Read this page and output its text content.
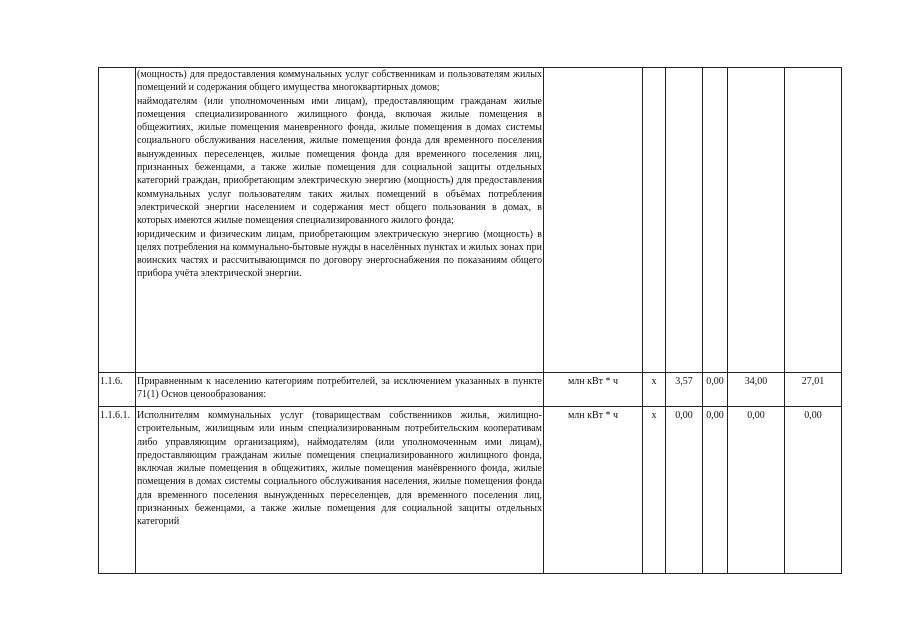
	(мощность) для предоставления коммунальных услуг собственникам и пользователям жилых помещений и содержания общего имущества многоквартирных домов;

наймодателям (или уполномоченным ими лицам), предоставляющим гражданам жилые помещения специализированного жилищного фонда, включая жилые помещения в общежитиях, жилые помещения маневренного фонда, жилые помещения в домах системы социального обслуживания населения, жилые помещения фонда для временного поселения вынужденных переселенцев, жилые помещения фонда для временного поселения лиц, признанных беженцами, а также жилые помещения для социальной защиты отдельных категорий граждан, приобретающим электрическую энергию (мощность) для предоставления коммунальных услуг пользователям таких жилых помещений в объёмах потребления электрической энергии населением и содержания мест общего пользования в домах, в которых имеются жилые помещения специализированного жилого фонда;

юридическим и физическим лицам, приобретающим электрическую энергию (мощность) в целях потребления на коммунально-бытовые нужды в населённых пунктах и жилых зонах при воинских частях и рассчитывающимся по договору энергоснабжения по показаниям общего прибора учёта электрической энергии.						

1.1.6.	Приравненным к населению категориям потребителей, за исключением указанных в пункте 71(1) Основ ценообразования:	млн кВт * ч	х	3,57	0,00	34,00	27,01
1.1.6.1.	Исполнителям коммунальных услуг (товариществам собственников жилья, жилищно-строительным, жилищным или иным специализированным потребительским кооперативам либо управляющим организациям), наймодателям (или уполномоченным ими лицам), предоставляющим гражданам жилые помещения специализированного жилищного фонда, включая жилые помещения в общежитиях, жилые помещения манёвренного фонда, жилые помещения в домах системы социального обслуживания населения, жилые помещения фонда для временного поселения вынужденных переселенцев, для временного поселения лиц, признанных беженцами, а также жилые помещения для социальной защиты отдельных категорий	млн кВт * ч	х	0,00	0,00	0,00	0,00
